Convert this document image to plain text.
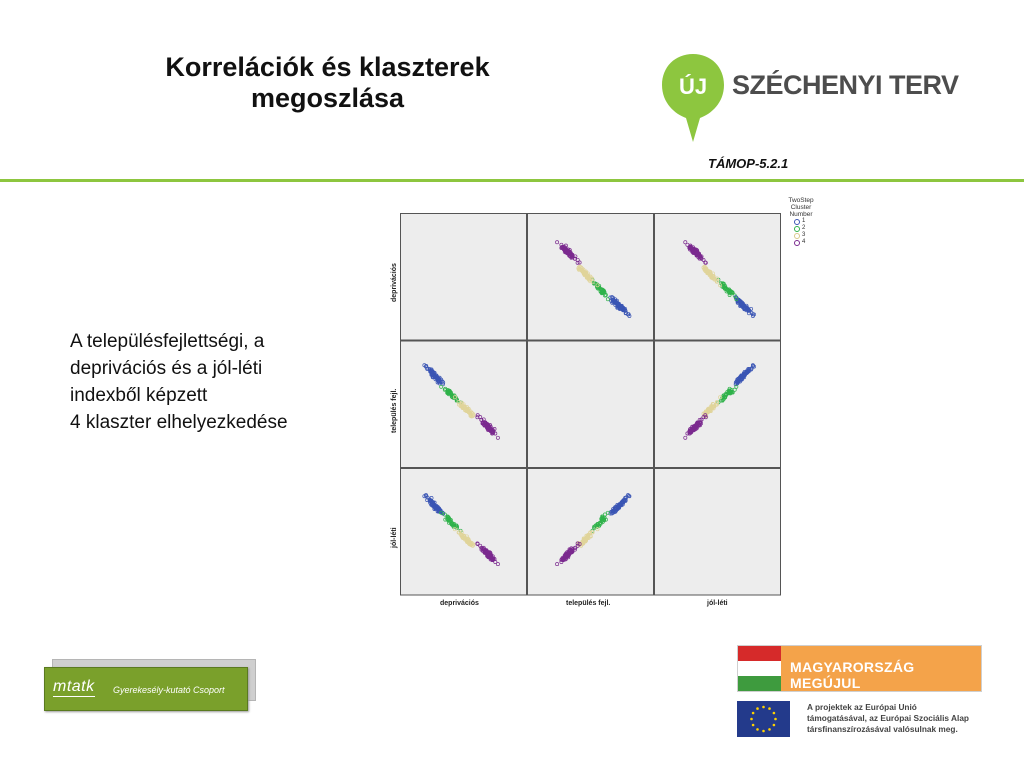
Korrelációk és klaszterek
megoszlása	ÚJ SZÉCHENYI TERV
TÁMOP-5.2.1
A településfejlettségi, a
deprivációs és a jól-léti
indexből képzett
4 klaszter elhelyezkedése
deprivációs
település fejl.
jól-léti
deprivációs	település fejl.	jól-léti
TwoStep
Cluster
Number
1
2
3
4
mtatk Gyerekesély-kutató Csoport
MAGYARORSZÁG MEGÚJUL
A projektek az Európai Unió
támogatásával, az Európai Szociális Alap
társfinanszírozásával valósulnak meg.
